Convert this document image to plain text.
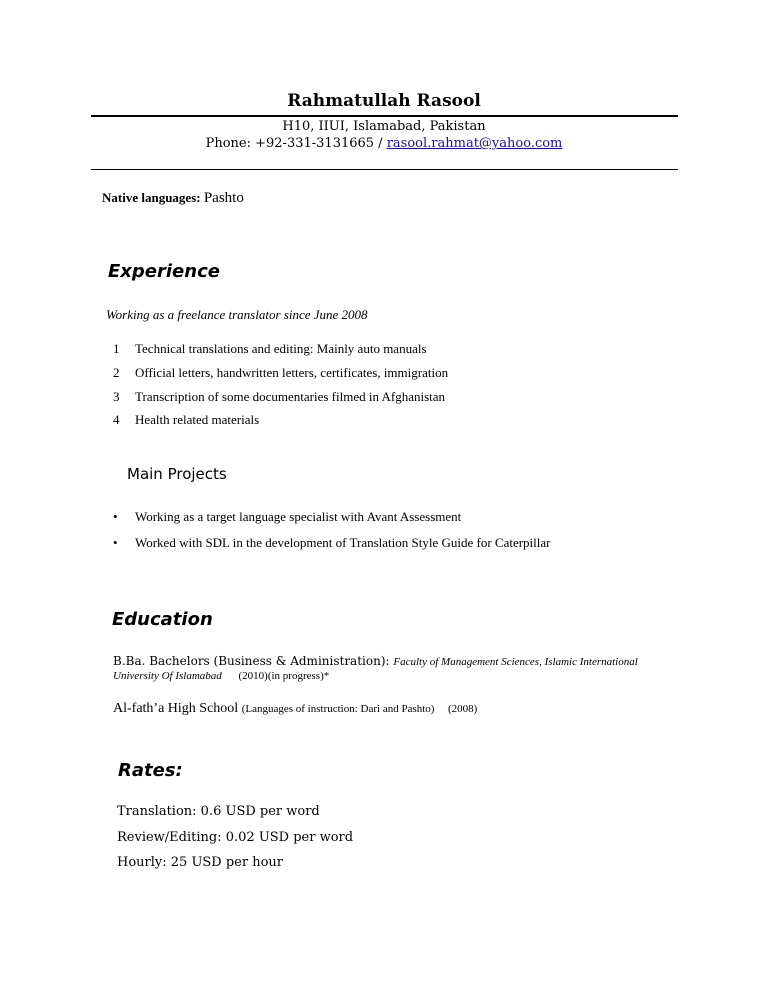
Rahmatullah Rasool
H10, IIUI, Islamabad, Pakistan
Phone: +92-331-3131665 / rasool.rahmat@yahoo.com
Native languages: Pashto
Experience
Working as a freelance translator since June 2008
1 Technical translations and editing: Mainly auto manuals
2 Official letters, handwritten letters, certificates, immigration
3 Transcription of some documentaries filmed in Afghanistan
4 Health related materials
Main Projects
• Working as a target language specialist with Avant Assessment
• Worked with SDL in the development of Translation Style Guide for Caterpillar
Education
B.Ba. Bachelors (Business & Administration): Faculty of Management Sciences, Islamic International
University Of Islamabad (2010)(in progress)*
Al-fath’a High School (Languages of instruction: Dari and Pashto) (2008)
Rates:
Translation: 0.6 USD per word
Review/Editing: 0.02 USD per word
Hourly: 25 USD per hour
